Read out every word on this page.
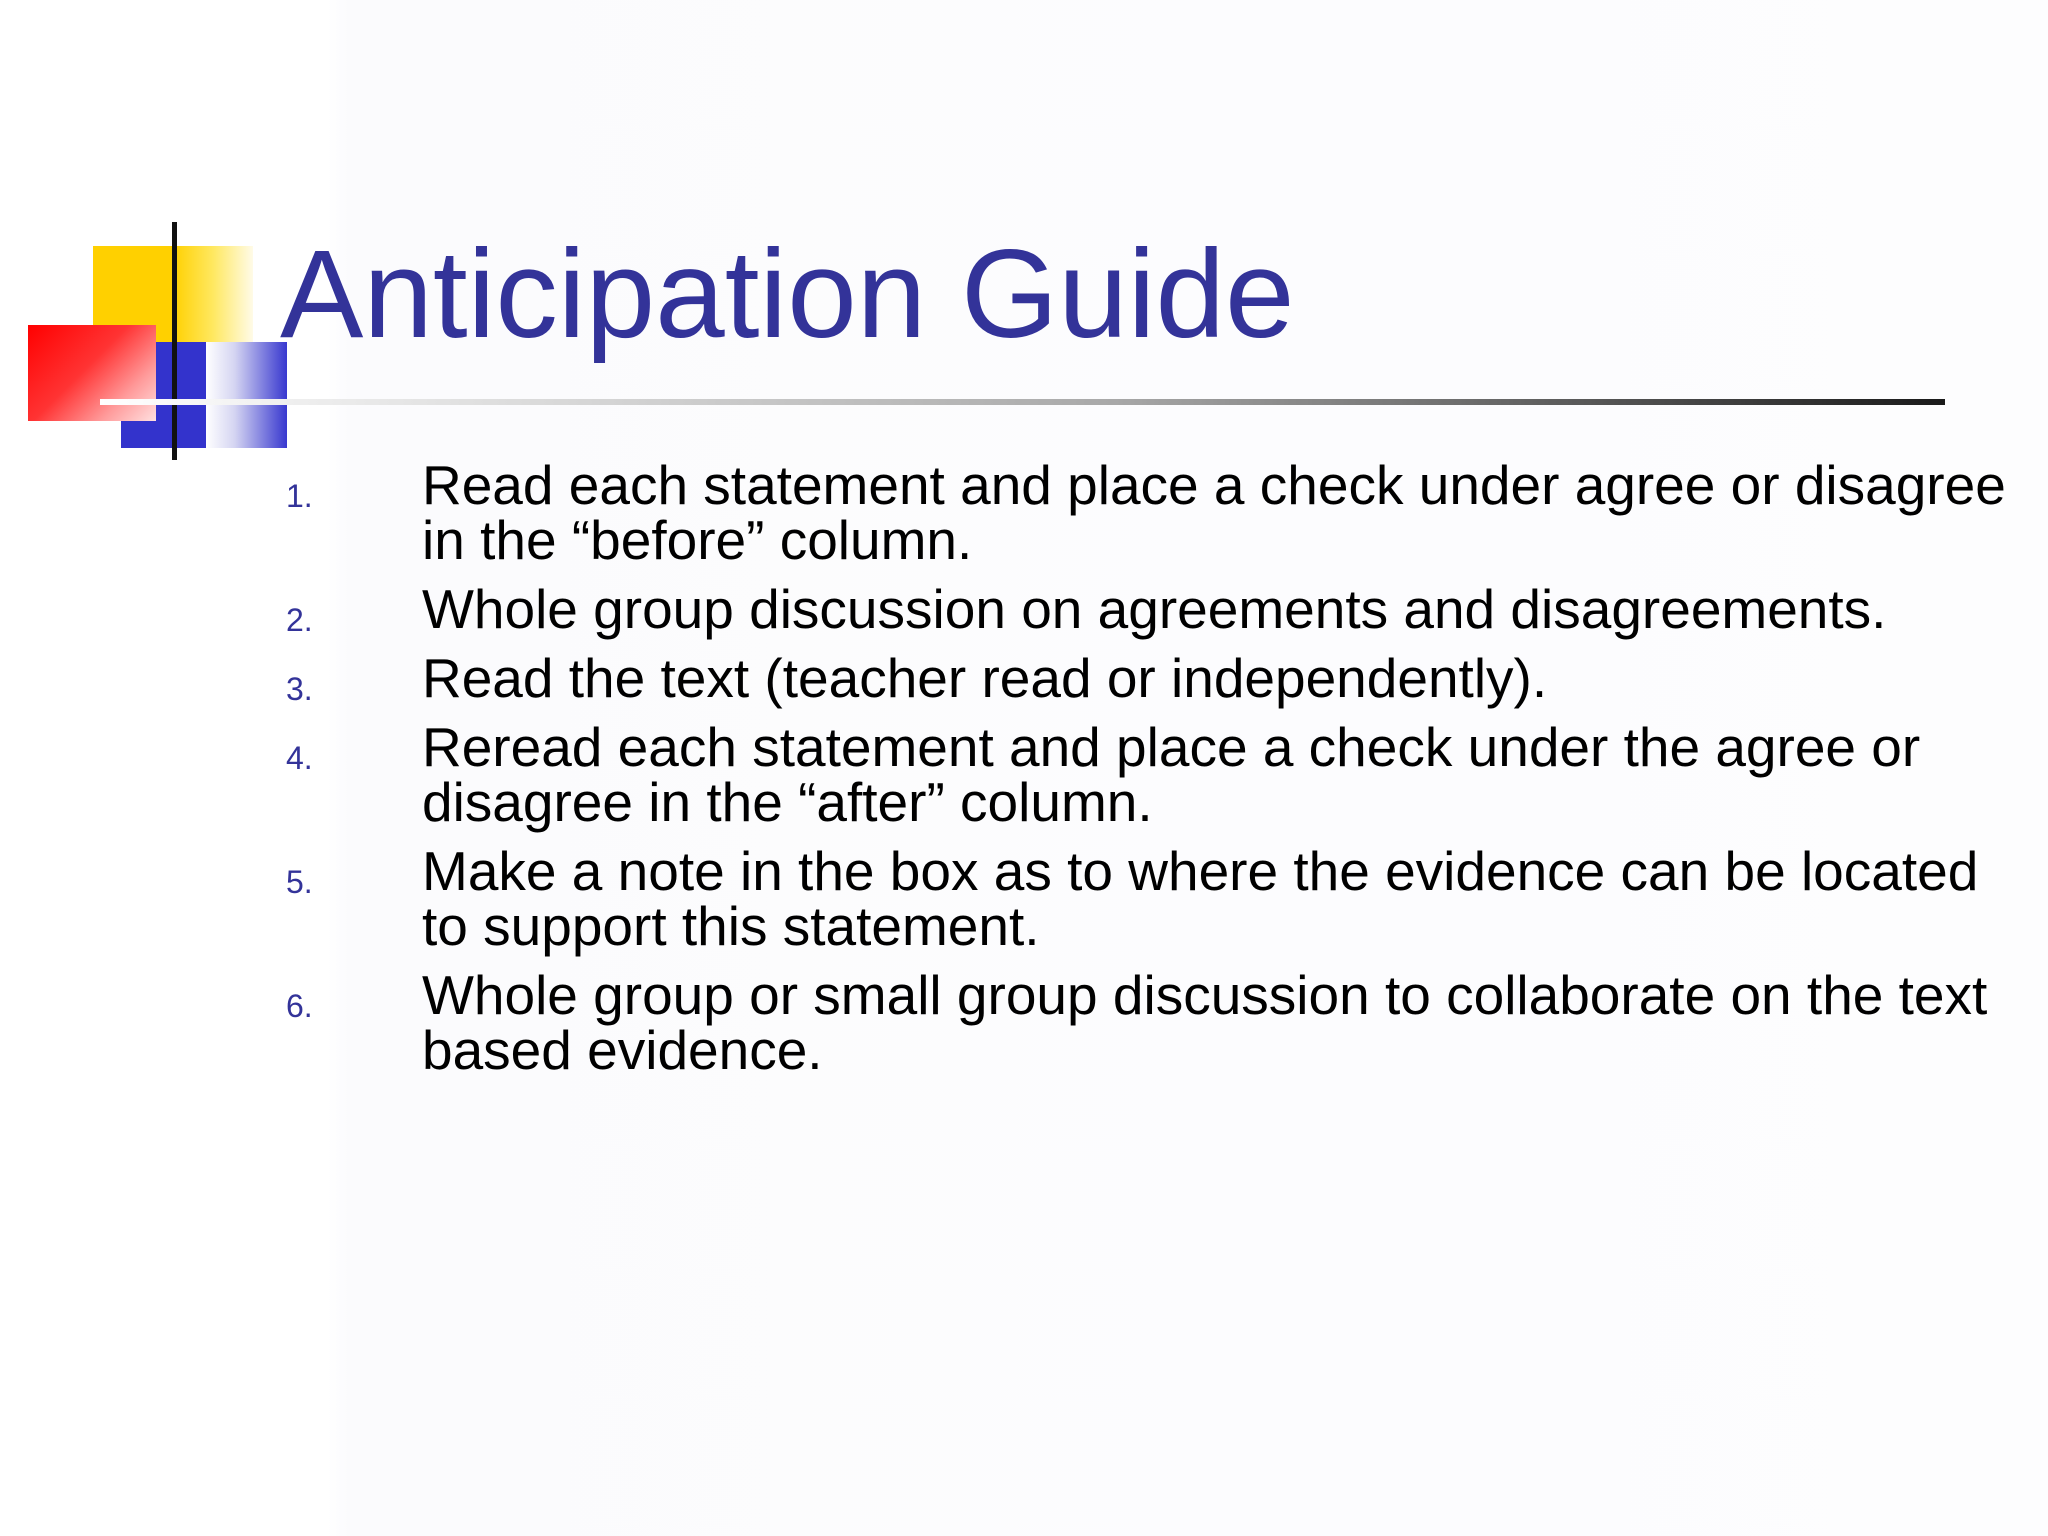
Anticipation Guide
1. Read each statement and place a check under agree or disagree in the “before” column.
2. Whole group discussion on agreements and disagreements.
3. Read the text (teacher read or independently).
4. Reread each statement and place a check under the agree or disagree in the “after” column.
5. Make a note in the box as to where the evidence can be located to support this statement.
6. Whole group or small group discussion to collaborate on the text based evidence.
